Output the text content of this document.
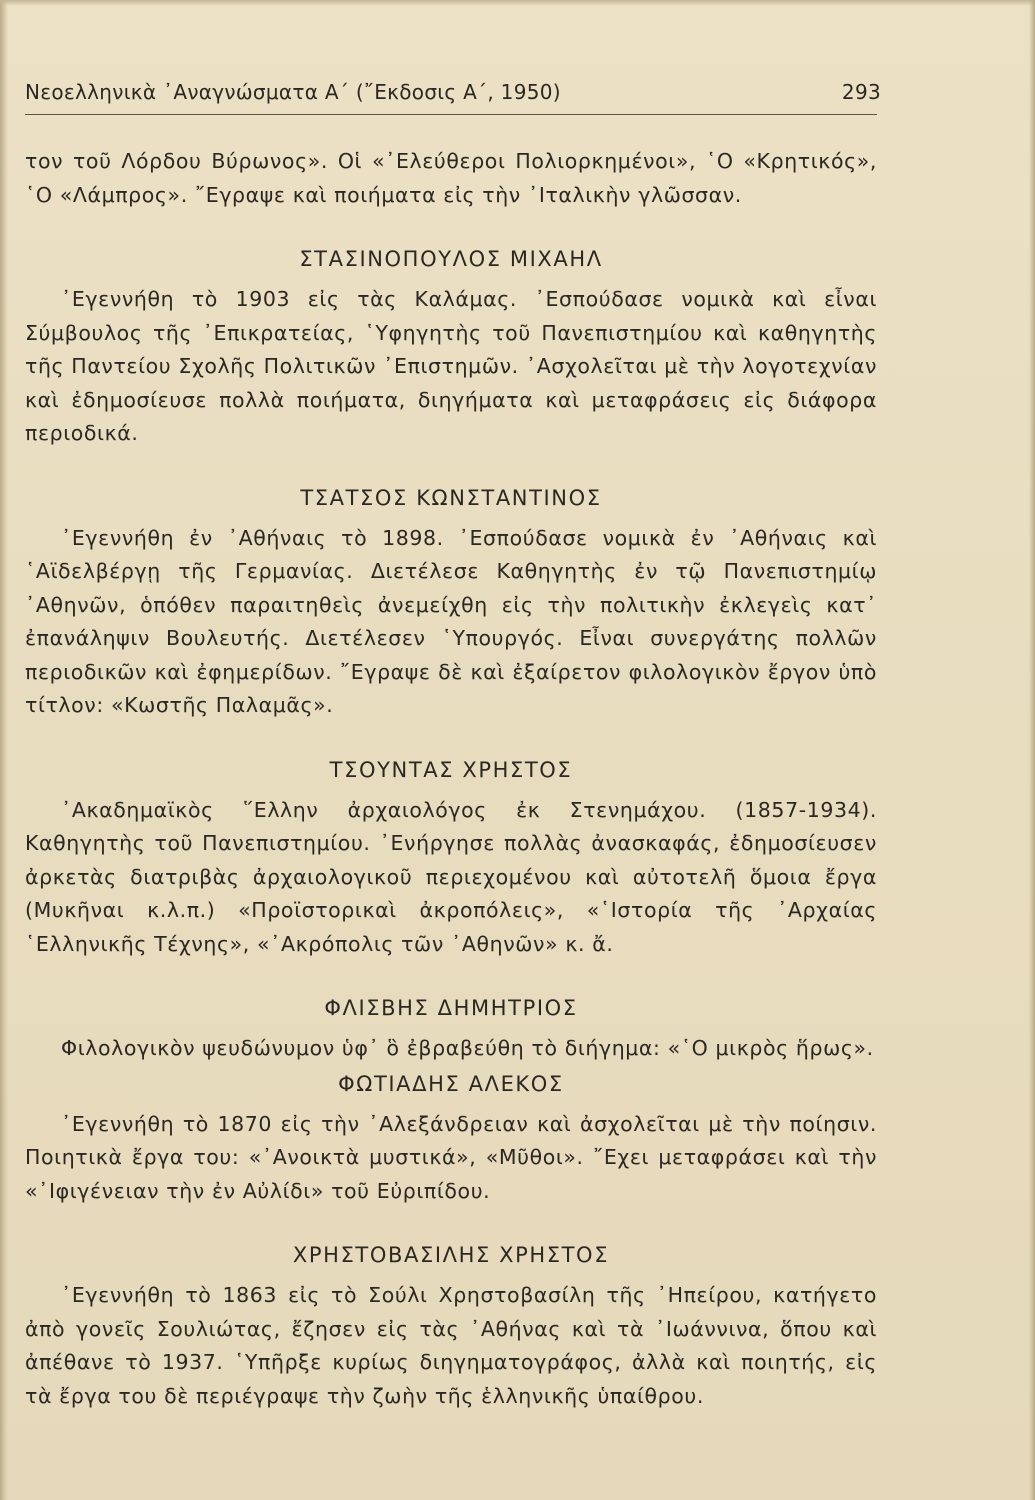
Νεοελληνικὰ ᾿Αναγνώσματα Α΄ (῎Εκδοσις Α΄, 1950)	293

τον τοῦ Λόρδου Βύρωνος». Οἱ «᾿Ελεύθεροι Πολιορκημένοι», ῾Ο «Κρητικός», ῾Ο «Λάμπρος». ῎Εγραψε καὶ ποιήματα εἰς τὴν ᾿Ιταλικὴν γλῶσσαν.

ΣΤΑΣΙΝΟΠΟΥΛΟΣ ΜΙΧΑΗΛ

᾿Εγεννήθη τὸ 1903 εἰς τὰς Καλάμας. ᾿Εσπούδασε νομικὰ καὶ εἶναι Σύμβουλος τῆς ᾿Επικρατείας, ῾Υφηγητὴς τοῦ Πανεπιστημίου καὶ καθηγητὴς τῆς Παντείου Σχολῆς Πολιτικῶν ᾿Επιστημῶν. ᾿Ασχολεῖται μὲ τὴν λογοτεχνίαν καὶ ἐδημοσίευσε πολλὰ ποιήματα, διηγήματα καὶ μεταφράσεις εἰς διάφορα περιοδικά.

ΤΣΑΤΣΟΣ ΚΩΝΣΤΑΝΤΙΝΟΣ

᾿Εγεννήθη ἐν ᾿Αθήναις τὸ 1898. ᾿Εσπούδασε νομικὰ ἐν ᾿Αθήναις καὶ ῾Αϊδελβέργῃ τῆς Γερμανίας. Διετέλεσε Καθηγητὴς ἐν τῷ Πανεπιστημίῳ ᾿Αθηνῶν, ὁπόθεν παραιτηθεὶς ἀνεμείχθη εἰς τὴν πολιτικὴν ἐκλεγεὶς κατ᾿ ἐπανάληψιν Βουλευτής. Διετέλεσεν ῾Υπουργός. Εἶναι συνεργάτης πολλῶν περιοδικῶν καὶ ἐφημερίδων. ῎Εγραψε δὲ καὶ ἐξαίρετον φιλολογικὸν ἔργον ὑπὸ τίτλον: «Κωστῆς Παλαμᾶς».

ΤΣΟΥΝΤΑΣ ΧΡΗΣΤΟΣ

᾿Ακαδημαϊκὸς ῞Ελλην ἀρχαιολόγος ἐκ Στενημάχου. (1857-1934). Καθηγητὴς τοῦ Πανεπιστημίου. ᾿Ενήργησε πολλὰς ἀνασκαφάς, ἐδημοσίευσεν ἀρκετὰς διατριβὰς ἀρχαιολογικοῦ περιεχομένου καὶ αὐτοτελῆ ὅμοια ἔργα (Μυκῆναι κ.λ.π.) «Προϊστορικαὶ ἀκροπόλεις», «῾Ιστορία τῆς ᾿Αρχαίας ῾Ελληνικῆς Τέχνης», «᾿Ακρόπολις τῶν ᾿Αθηνῶν» κ. ἄ.

ΦΛΙΣΒΗΣ ΔΗΜΗΤΡΙΟΣ

Φιλολογικὸν ψευδώνυμον ὑφ᾿ ὃ ἐβραβεύθη τὸ διήγημα: «῾Ο μικρὸς ἥρως».

ΦΩΤΙΑΔΗΣ ΑΛΕΚΟΣ

᾿Εγεννήθη τὸ 1870 εἰς τὴν ᾿Αλεξάνδρειαν καὶ ἀσχολεῖται μὲ τὴν ποίησιν. Ποιητικὰ ἔργα του: «᾿Ανοικτὰ μυστικά», «Μῦθοι». ῎Εχει μεταφράσει καὶ τὴν «᾿Ιφιγένειαν τὴν ἐν Αὐλίδι» τοῦ Εὐριπίδου.

ΧΡΗΣΤΟΒΑΣΙΛΗΣ ΧΡΗΣΤΟΣ

᾿Εγεννήθη τὸ 1863 εἰς τὸ Σούλι Χρηστοβασίλη τῆς ᾿Ηπείρου, κατήγετο ἀπὸ γονεῖς Σουλιώτας, ἔζησεν εἰς τὰς ᾿Αθήνας καὶ τὰ ᾿Ιωάννινα, ὅπου καὶ ἀπέθανε τὸ 1937. ῾Υπῆρξε κυρίως διηγηματογράφος, ἀλλὰ καὶ ποιητής, εἰς τὰ ἔργα του δὲ περιέγραψε τὴν ζωὴν τῆς ἑλληνικῆς ὑπαίθρου.
